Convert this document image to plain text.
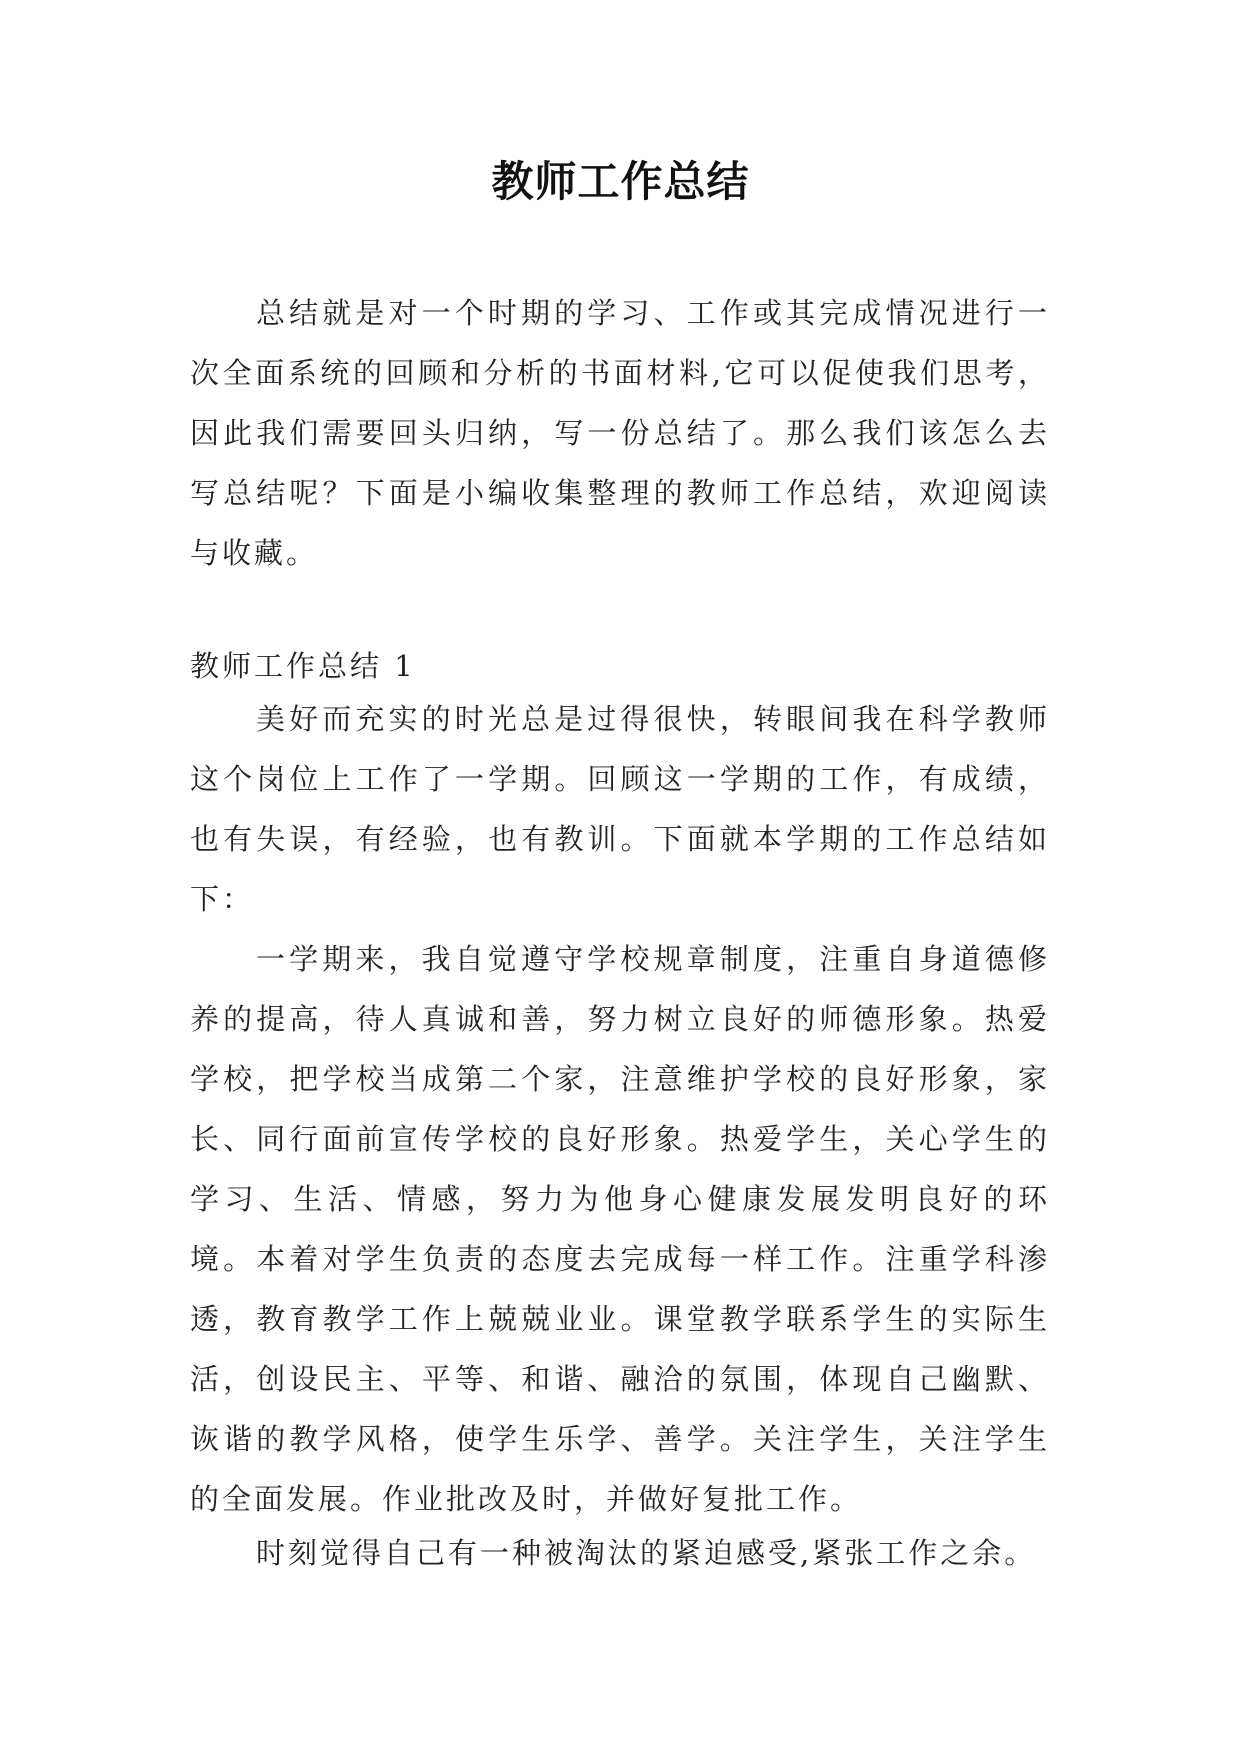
教师工作总结

总结就是对一个时期的学习、工作或其完成情况进行一次全面系统的回顾和分析的书面材料,它可以促使我们思考，因此我们需要回头归纳，写一份总结了。那么我们该怎么去写总结呢？下面是小编收集整理的教师工作总结，欢迎阅读与收藏。

教师工作总结 1

美好而充实的时光总是过得很快，转眼间我在科学教师这个岗位上工作了一学期。回顾这一学期的工作，有成绩，也有失误，有经验，也有教训。下面就本学期的工作总结如下：

一学期来，我自觉遵守学校规章制度，注重自身道德修养的提高，待人真诚和善，努力树立良好的师德形象。热爱学校，把学校当成第二个家，注意维护学校的良好形象，家长、同行面前宣传学校的良好形象。热爱学生，关心学生的学习、生活、情感，努力为他身心健康发展发明良好的环境。本着对学生负责的态度去完成每一样工作。注重学科渗透，教育教学工作上兢兢业业。课堂教学联系学生的实际生活，创设民主、平等、和谐、融洽的氛围，体现自己幽默、诙谐的教学风格，使学生乐学、善学。关注学生，关注学生的全面发展。作业批改及时，并做好复批工作。

时刻觉得自己有一种被淘汰的紧迫感受,紧张工作之余。
